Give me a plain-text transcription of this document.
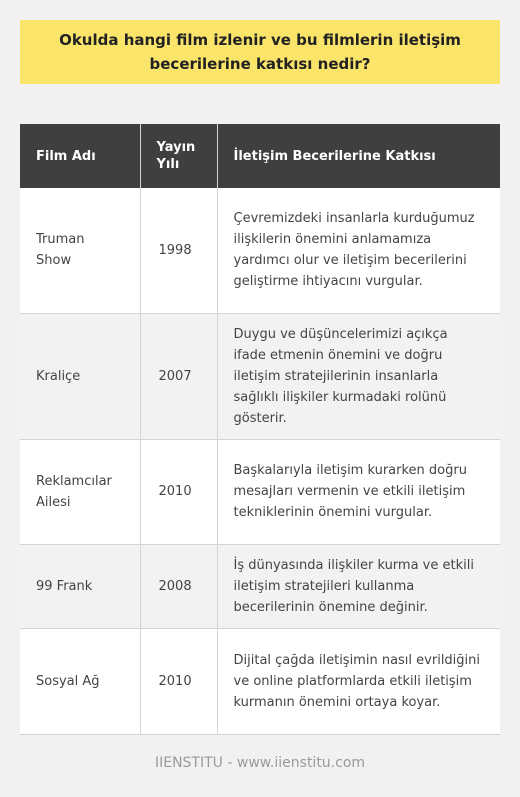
Okulda hangi film izlenir ve bu filmlerin iletişim becerilerine katkısı nedir?
Film Adı	Yayın Yılı	İletişim Becerilerine Katkısı
Truman Show	1998	Çevremizdeki insanlarla kurduğumuz ilişkilerin önemini anlamamıza yardımcı olur ve iletişim becerilerini geliştirme ihtiyacını vurgular.
Kraliçe	2007	Duygu ve düşüncelerimizi açıkça ifade etmenin önemini ve doğru iletişim stratejilerinin insanlarla sağlıklı ilişkiler kurmadaki rolünü gösterir.
Reklamcılar Ailesi	2010	Başkalarıyla iletişim kurarken doğru mesajları vermenin ve etkili iletişim tekniklerinin önemini vurgular.
99 Frank	2008	İş dünyasında ilişkiler kurma ve etkili iletişim stratejileri kullanma becerilerinin önemine değinir.
Sosyal Ağ	2010	Dijital çağda iletişimin nasıl evrildiğini ve online platformlarda etkili iletişim kurmanın önemini ortaya koyar.
IIENSTITU - www.iienstitu.com
